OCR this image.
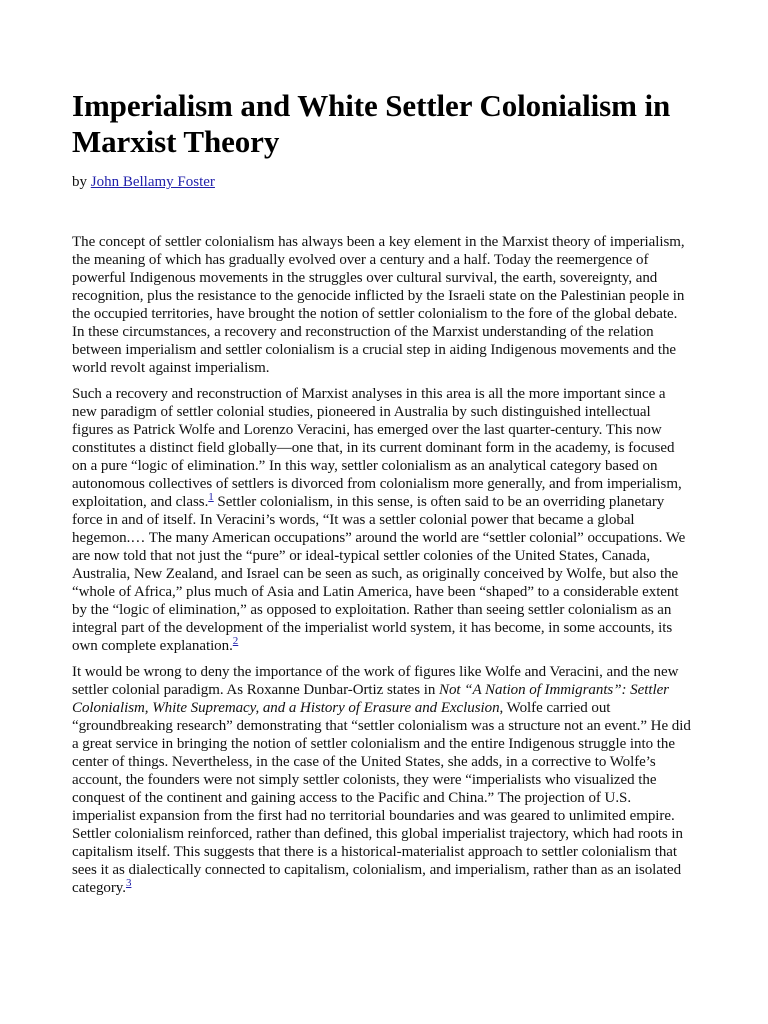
Imperialism and White Settler Colonialism in Marxist Theory
by John Bellamy Foster

The concept of settler colonialism has always been a key element in the Marxist theory of imperialism, the meaning of which has gradually evolved over a century and a half. Today the reemergence of powerful Indigenous movements in the struggles over cultural survival, the earth, sovereignty, and recognition, plus the resistance to the genocide inflicted by the Israeli state on the Palestinian people in the occupied territories, have brought the notion of settler colonialism to the fore of the global debate. In these circumstances, a recovery and reconstruction of the Marxist understanding of the relation between imperialism and settler colonialism is a crucial step in aiding Indigenous movements and the world revolt against imperialism.

Such a recovery and reconstruction of Marxist analyses in this area is all the more important since a new paradigm of settler colonial studies, pioneered in Australia by such distinguished intellectual figures as Patrick Wolfe and Lorenzo Veracini, has emerged over the last quarter-century. This now constitutes a distinct field globally—one that, in its current dominant form in the academy, is focused on a pure “logic of elimination.” In this way, settler colonialism as an analytical category based on autonomous collectives of settlers is divorced from colonialism more generally, and from imperialism, exploitation, and class.$^1$ Settler colonialism, in this sense, is often said to be an overriding planetary force in and of itself. In Veracini’s words, “It was a settler colonial power that became a global hegemon.… The many American occupations” around the world are “settler colonial” occupations. We are now told that not just the “pure” or ideal-typical settler colonies of the United States, Canada, Australia, New Zealand, and Israel can be seen as such, as originally conceived by Wolfe, but also the “whole of Africa,” plus much of Asia and Latin America, have been “shaped” to a considerable extent by the “logic of elimination,” as opposed to exploitation. Rather than seeing settler colonialism as an integral part of the development of the imperialist world system, it has become, in some accounts, its own complete explanation.$^2$

It would be wrong to deny the importance of the work of figures like Wolfe and Veracini, and the new settler colonial paradigm. As Roxanne Dunbar-Ortiz states in Not “A Nation of Immigrants”: Settler Colonialism, White Supremacy, and a History of Erasure and Exclusion, Wolfe carried out “groundbreaking research” demonstrating that “settler colonialism was a structure not an event.” He did a great service in bringing the notion of settler colonialism and the entire Indigenous struggle into the center of things. Nevertheless, in the case of the United States, she adds, in a corrective to Wolfe’s account, the founders were not simply settler colonists, they were “imperialists who visualized the conquest of the continent and gaining access to the Pacific and China.” The projection of U.S. imperialist expansion from the first had no territorial boundaries and was geared to unlimited empire. Settler colonialism reinforced, rather than defined, this global imperialist trajectory, which had roots in capitalism itself. This suggests that there is a historical-materialist approach to settler colonialism that sees it as dialectically connected to capitalism, colonialism, and imperialism, rather than as an isolated category.$^3$
